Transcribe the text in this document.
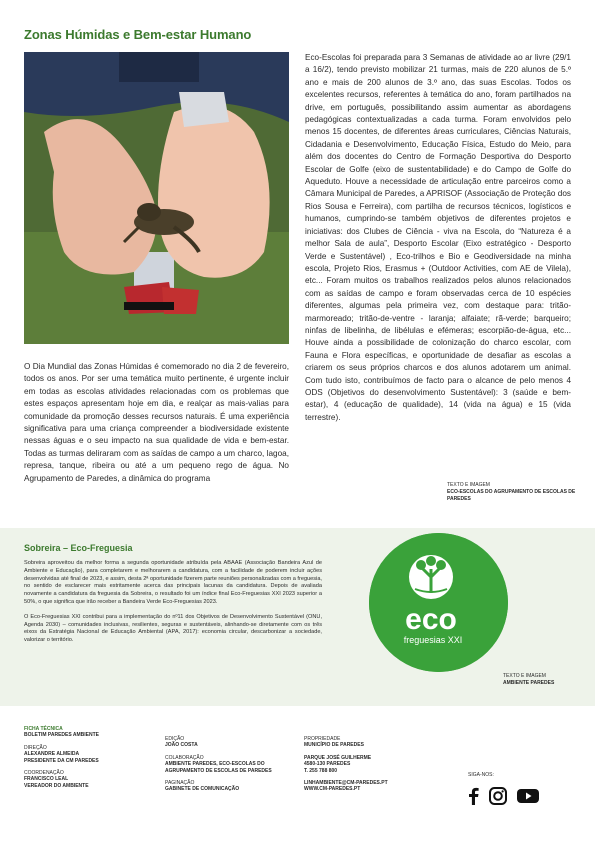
Zonas Húmidas e Bem-estar Humano
O Dia Mundial das Zonas Húmidas é comemorado no dia 2 de fevereiro, todos os anos. Por ser uma temática muito pertinente, é urgente incluir em todas as escolas atividades relacionadas com os problemas que estes espaços apresentam hoje em dia, e realçar as mais-valias para comunidade da promoção desses recursos naturais. É uma experiência significativa para uma criança compreender a biodiversidade existente nessas águas e o seu impacto na sua qualidade de vida e bem-estar. Todas as turmas deliraram com as saídas de campo a um charco, lagoa, represa, tanque, ribeira ou até a um pequeno rego de água. No Agrupamento de Paredes, a dinâmica do programa
Eco-Escolas foi preparada para 3 Semanas de atividade ao ar livre (29/1 a 16/2), tendo previsto mobilizar 21 turmas, mais de 220 alunos de 5.º ano e mais de 200 alunos de 3.º ano, das suas Escolas. Todos os excelentes recursos, referentes à temática do ano, foram partilhados na drive, em português, possibilitando assim aumentar as abordagens pedagógicas contextualizadas a cada turma. Foram envolvidos pelo menos 15 docentes, de diferentes áreas curriculares, Ciências Naturais, Cidadania e Desenvolvimento, Educação Física, Estudo do Meio, para além dos docentes do Centro de Formação Desportiva do Desporto Escolar de Golfe (eixo de sustentabilidade) e do Campo de Golfe do Aqueduto. Houve a necessidade de articulação entre parceiros como a Câmara Municipal de Paredes, a APRISOF (Associação de Proteção dos Rios Sousa e Ferreira), com partilha de recursos técnicos, logísticos e humanos, cumprindo-se também objetivos de diferentes projetos e iniciativas: dos Clubes de Ciência - viva na Escola, do “Natureza é a melhor Sala de aula”, Desporto Escolar (Eixo estratégico - Desporto Verde e Sustentável) , Eco-trilhos e Bio e Geodiversidade na minha escola, Projeto Rios, Erasmus + (Outdoor Activities, com AE de Vilela), etc... Foram muitos os trabalhos realizados pelos alunos relacionados com as saídas de campo e foram observadas cerca de 10 espécies diferentes, algumas pela primeira vez, com destaque para: tritão-marmoreado; tritão-de-ventre - laranja; alfaiate; rã-verde; barqueiro; ninfas de libelinha, de libélulas e efémeras; escorpião-de-água, etc... Houve ainda a possibilidade de colonização do charco escolar, com Fauna e Flora específicas, e oportunidade de desafiar as escolas a criarem os seus próprios charcos e dos alunos adotarem um animal. Com tudo isto, contribuímos de facto para o alcance de pelo menos 4 ODS (Objetivos do desenvolvimento Sustentável): 3 (saúde e bem-estar), 4 (educação de qualidade), 14 (vida na água) e 15 (vida terrestre).
TEXTO E IMAGEM
ECO-ESCOLAS DO AGRUPAMENTO DE ESCOLAS DE PAREDES
Sobreira – Eco-Freguesia

Sobreira aproveitou da melhor forma a segunda oportunidade atribuída pela ABAAE (Associação Bandeira Azul de Ambiente e Educação), para completarem e melhorarem a candidatura, com a facilidade de poderem incluir ações desenvolvidas até final de 2023, e assim, desta 2ª oportunidade fizerem parte reuniões personalizadas com a freguesia, no sentido de esclarecer mais estritamente acerca das principais lacunas da candidatura. Depois de avaliada novamente a candidatura da freguesia da Sobreira, o resultado foi um índice final Eco-Freguesias XXI 2023 superior a 50%, o que significa que irão receber a Bandeira Verde Eco-Freguesias 2023.

O Eco-Freguesias XXI contribui para a implementação do nº11 dos Objetivos de Desenvolvimento Sustentável (ONU, Agenda 2030) – comunidades inclusivas, resilientes, seguras e sustentáveis, alinhando-se diretamente com os três eixos da Estratégia Nacional de Educação Ambiental (APA, 2017): economia circular, descarbonizar a sociedade, valorizar o território.

eco
freguesias XXI
TEXTO E IMAGEM
AMBIENTE PAREDES
FICHA TÉCNICA
BOLETIM PAREDES AMBIENTE
DIREÇÃO
ALEXANDRE ALMEIDA
PRESIDENTE DA CM PAREDES
COORDENAÇÃO
FRANCISCO LEAL
VEREADOR DO AMBIENTE
EDIÇÃO
JOÃO COSTA
COLABORAÇÃO
AMBIENTE PAREDES, ECO-ESCOLAS DO AGRUPAMENTO DE ESCOLAS DE PAREDES
PAGINAÇÃO
GABINETE DE COMUNICAÇÃO
PROPRIEDADE
MUNICÍPIO DE PAREDES
PARQUE JOSÉ GUILHERME
4580-130 PAREDES
T. 255 788 800
LINHAMBIENTE@CM-PAREDES.PT
WWW.CM-PAREDES.PT
SIGA-NOS:
